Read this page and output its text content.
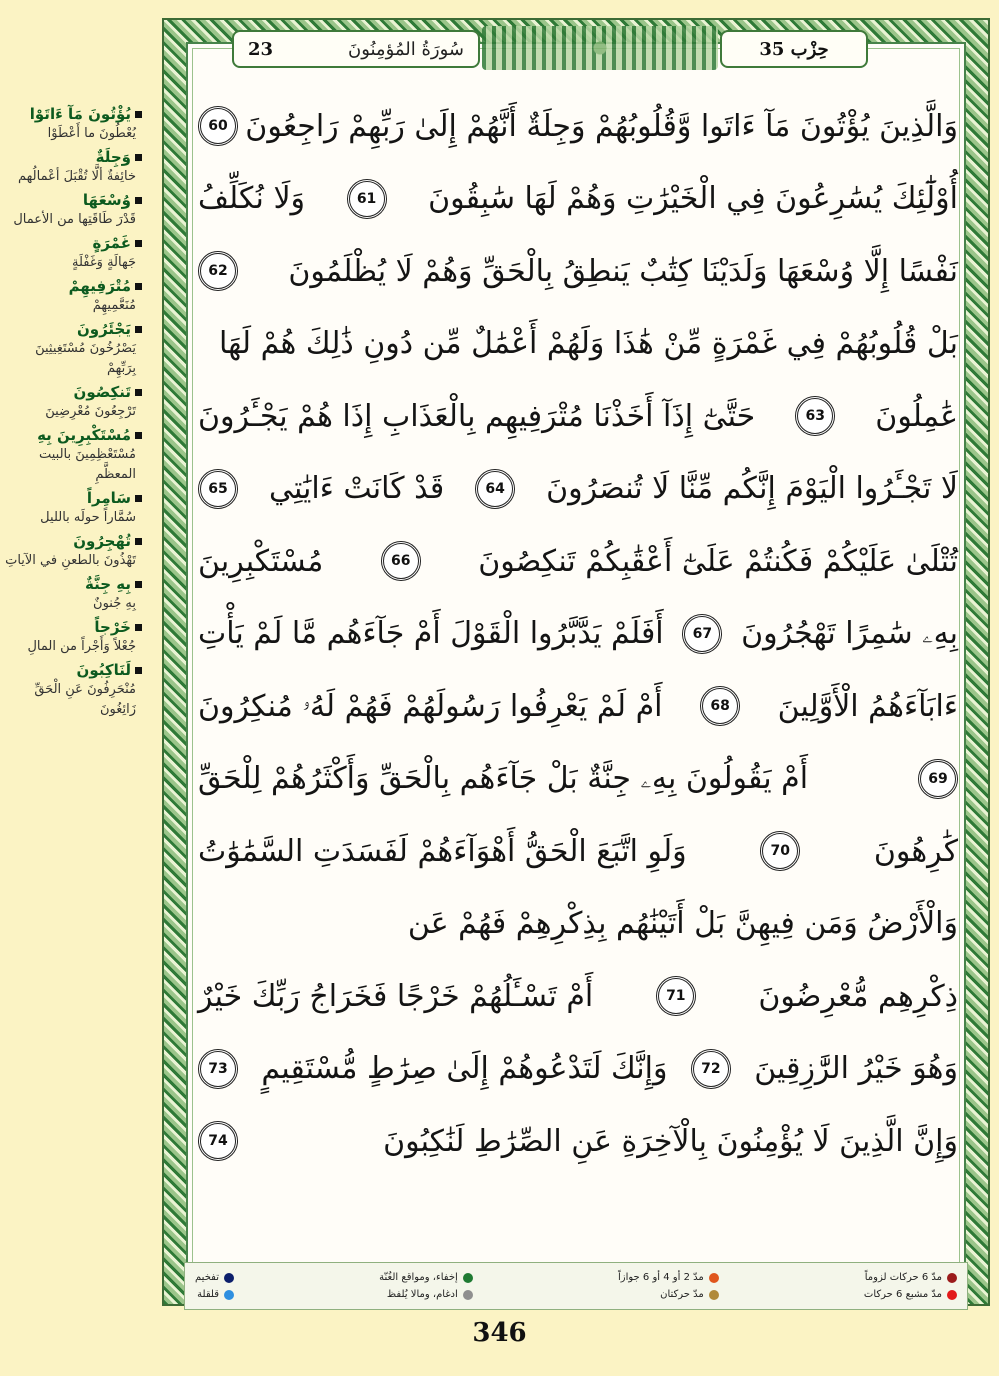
يُؤْتُونَ مَآ ءَاتَوْا
يُعْطُونَ ما أَعْطَوْا
وَجِلَةٌ
خائِفةٌ ألَّا تُقْبَلَ أعْمالُهم
وُسْعَهَا
قَدْرَ طَاقَتِها من الأعمال
غَمْرَةٍ
جَهالَةٍ وَغَفْلَةٍ
مُتْرَفِيهِمْ
مُنَعَّمِيهِمْ
يَجْئَرُونَ
يَصْرُخُونَ مُسْتَغِيثِينَ بِرَبِّهِمْ
تَنكِصُونَ
تَرْجِعُونَ مُعْرِضِينَ
مُسْتَكْبِرِينَ بِهِ
مُسْتَعْظِمِينَ بالبيت المعظَّمِ
سَامِراً
سُمَّاراً حولَه بالليل
تُهْجِرُونَ
تَهْذُونَ بالطعنِ في الآياتِ
بِهِ جِنَّةٌ
بِهِ جُنونٌ
خَرْجاً
جُعْلاً وَأَجْراً من المالِ
لَنَاكِبُونَ
مُنْحَرِفُونَ عَنِ الْحَقِّ زَائِغُونَ
23	سُورَةُ المُؤمِنُونَ	حِزْب 35
وَالَّذِينَ يُؤْتُونَ مَآ ءَاتَوا وَّقُلُوبُهُمْ وَجِلَةٌ أَنَّهُمْ إِلَىٰ رَبِّهِمْ رَاجِعُونَ
60
أُوْلَٰٓئِكَ يُسَٰرِعُونَ فِي الْخَيْرَٰتِ وَهُمْ لَهَا سَٰبِقُونَ
61
وَلَا نُكَلِّفُ
نَفْسًا إِلَّا وُسْعَهَا وَلَدَيْنَا كِتَٰبٌ يَنطِقُ بِالْحَقِّ وَهُمْ لَا يُظْلَمُونَ
62
بَلْ قُلُوبُهُمْ فِي غَمْرَةٍ مِّنْ هَٰذَا وَلَهُمْ أَعْمَٰلٌ مِّن دُونِ ذَٰلِكَ هُمْ لَهَا
عَٰمِلُونَ
63
حَتَّىٰٓ إِذَآ أَخَذْنَا مُتْرَفِيهِم بِالْعَذَابِ إِذَا هُمْ يَجْـَٔرُونَ
لَا تَجْـَٔرُوا الْيَوْمَ إِنَّكُم مِّنَّا لَا تُنصَرُونَ
64
قَدْ كَانَتْ ءَايَٰتِي
65
تُتْلَىٰ عَلَيْكُمْ فَكُنتُمْ عَلَىٰٓ أَعْقَٰبِكُمْ تَنكِصُونَ
66
مُسْتَكْبِرِينَ
بِهِۦ سَٰمِرًا تَهْجُرُونَ
67
أَفَلَمْ يَدَّبَّرُوا الْقَوْلَ أَمْ جَآءَهُم مَّا لَمْ يَأْتِ
ءَابَآءَهُمُ الْأَوَّلِينَ
68
أَمْ لَمْ يَعْرِفُوا رَسُولَهُمْ فَهُمْ لَهُۥ مُنكِرُونَ
69
أَمْ يَقُولُونَ بِهِۦ جِنَّةٌ بَلْ جَآءَهُم بِالْحَقِّ وَأَكْثَرُهُمْ لِلْحَقِّ
كَٰرِهُونَ
70
وَلَوِ اتَّبَعَ الْحَقُّ أَهْوَآءَهُمْ لَفَسَدَتِ السَّمَٰوَٰتُ
وَالْأَرْضُ وَمَن فِيهِنَّ بَلْ أَتَيْنَٰهُم بِذِكْرِهِمْ فَهُمْ عَن
ذِكْرِهِم مُّعْرِضُونَ
71
أَمْ تَسْـَٔلُهُمْ خَرْجًا فَخَرَاجُ رَبِّكَ خَيْرٌ
وَهُوَ خَيْرُ الرَّٰزِقِينَ
72
وَإِنَّكَ لَتَدْعُوهُمْ إِلَىٰ صِرَٰطٍ مُّسْتَقِيمٍ
73
وَإِنَّ الَّذِينَ لَا يُؤْمِنُونَ بِالْآخِرَةِ عَنِ الصِّرَٰطِ لَنَٰكِبُونَ
74
مدّ 6 حركات لزوماً
مدّ مشبع 6 حركات
مدّ 2 أو 4 أو 6 جوازاً
مدّ حركتان
إخفاء، ومواقع الغُنّة
ادغام، ومالا يُلفظ
تفخيم
قلقلة
346
